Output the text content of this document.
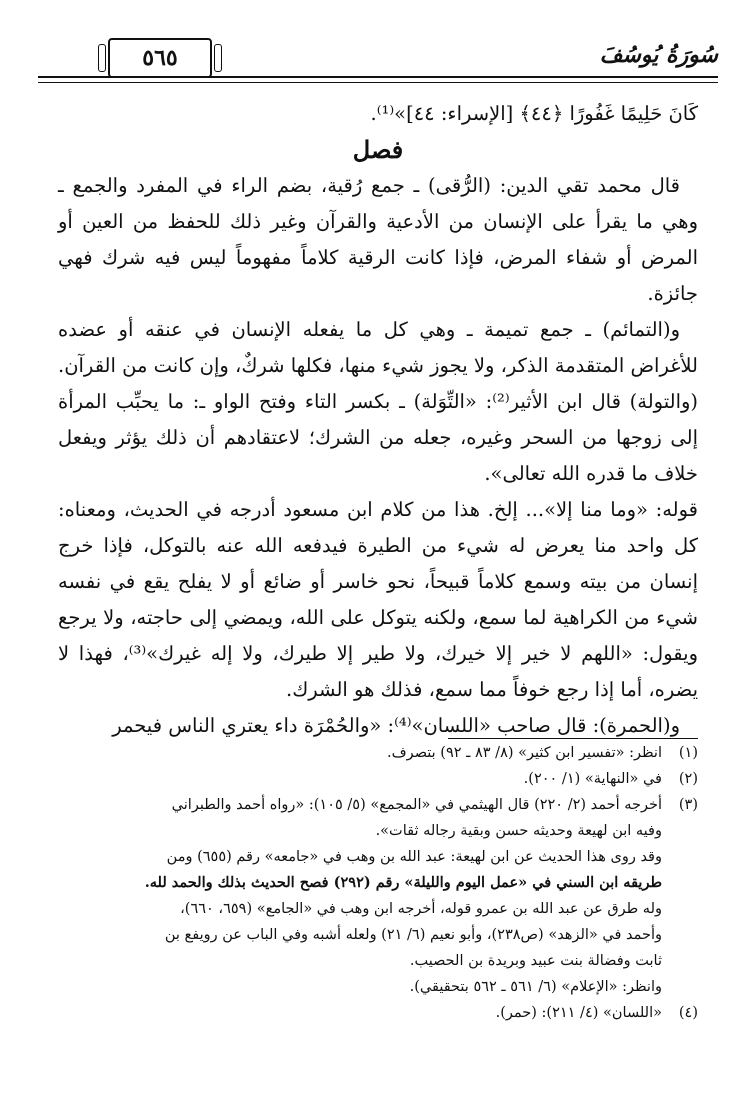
٥٦٥	سُورَةُ يُوسُفَ

كَانَ حَلِيمًا غَفُورًا ﴿٤٤﴾ [الإسراء: ٤٤]»⁽¹⁾.

فصل

قال محمد تقي الدين: (الرُّقى) ـ جمع رُقية، بضم الراء في المفرد والجمع ـ وهي ما يقرأ على الإنسان من الأدعية والقرآن وغير ذلك للحفظ من العين أو المرض أو شفاء المرض، فإذا كانت الرقية كلاماً مفهوماً ليس فيه شرك فهي جائزة.

و(التمائم) ـ جمع تميمة ـ وهي كل ما يفعله الإنسان في عنقه أو عضده للأغراض المتقدمة الذكر، ولا يجوز شيء منها، فكلها شركٌ، وإن كانت من القرآن. (والتولة) قال ابن الأثير⁽²⁾: «التِّوَلة) ـ بكسر التاء وفتح الواو ـ: ما يحبِّب المرأة إلى زوجها من السحر وغيره، جعله من الشرك؛ لاعتقادهم أن ذلك يؤثر ويفعل خلاف ما قدره الله تعالى».

قوله: «وما منا إلا»... إلخ. هذا من كلام ابن مسعود أدرجه في الحديث، ومعناه: كل واحد منا يعرض له شيء من الطيرة فيدفعه الله عنه بالتوكل، فإذا خرج إنسان من بيته وسمع كلاماً قبيحاً، نحو خاسر أو ضائع أو لا يفلح يقع في نفسه شيء من الكراهية لما سمع، ولكنه يتوكل على الله، ويمضي إلى حاجته، ولا يرجع ويقول: «اللهم لا خير إلا خيرك، ولا طير إلا طيرك، ولا إله غيرك»⁽³⁾، فهذا لا يضره، أما إذا رجع خوفاً مما سمع، فذلك هو الشرك.

و(الحمرة): قال صاحب «اللسان»⁽⁴⁾: «والحُمْرَة داء يعتري الناس فيحمر

(١)
انظر: «تفسير ابن كثير» (٨/ ٨٣ ـ ٩٢) بتصرف.
(٢)
في «النهاية» (١/ ٢٠٠).
(٣)
أخرجه أحمد (٢/ ٢٢٠) قال الهيثمي في «المجمع» (٥/ ١٠٥): «رواه أحمد والطبراني
وفيه ابن لهيعة وحديثه حسن وبقية رجاله ثقات».
وقد روى هذا الحديث عن ابن لهيعة: عبد الله بن وهب في «جامعه» رقم (٦٥٥) ومن
طريقه ابن السني في «عمل اليوم والليلة» رقم (٢٩٢) فصح الحديث بذلك والحمد لله.
وله طرق عن عبد الله بن عمرو قوله، أخرجه ابن وهب في «الجامع» (٦٥٩، ٦٦٠)،
وأحمد في «الزهد» (ص٢٣٨)، وأبو نعيم (٦/ ٢١) ولعله أشبه وفي الباب عن رويفع بن
ثابت وفضالة بنت عبيد وبريدة بن الحصيب.
وانظر: «الإعلام» (٦/ ٥٦١ ـ ٥٦٢ بتحقيقي).
(٤)
«اللسان» (٤/ ٢١١): (حمر).
